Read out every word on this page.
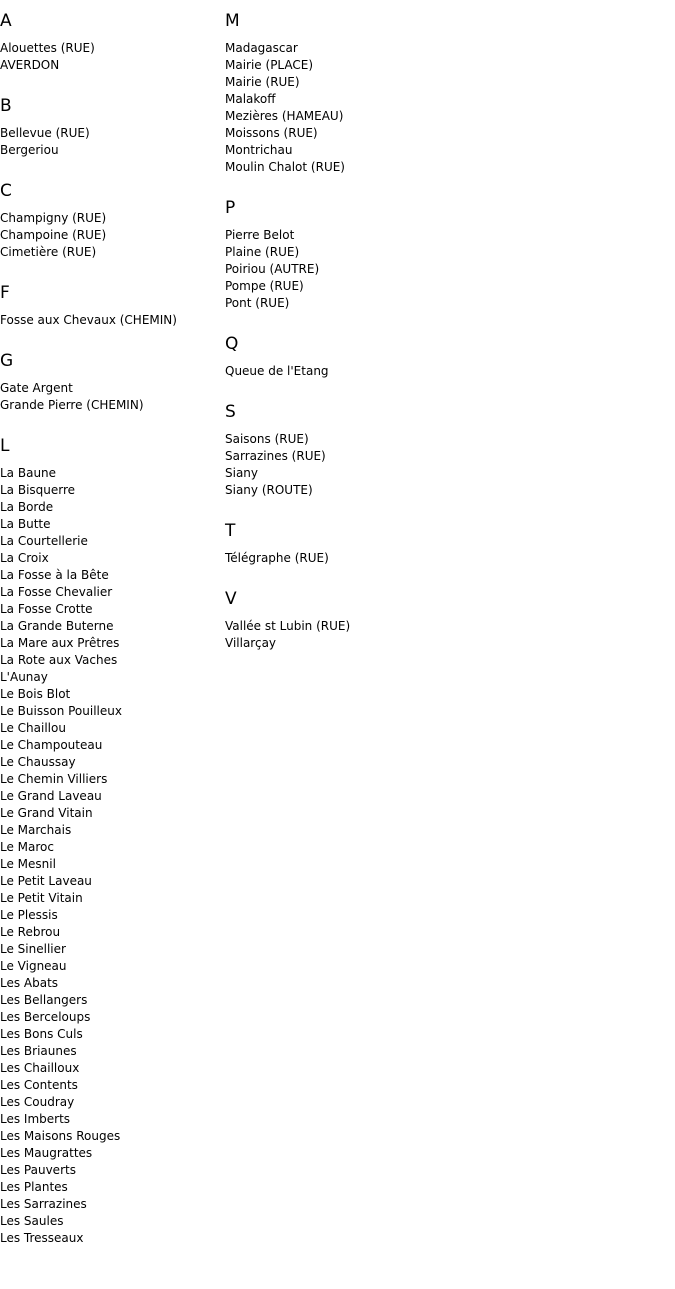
A
Alouettes (RUE)
AVERDON
B
Bellevue (RUE)
Bergeriou
C
Champigny (RUE)
Champoine (RUE)
Cimetière (RUE)
F
Fosse aux Chevaux (CHEMIN)
G
Gate Argent
Grande Pierre (CHEMIN)
L
La Baune
La Bisquerre
La Borde
La Butte
La Courtellerie
La Croix
La Fosse à la Bête
La Fosse Chevalier
La Fosse Crotte
La Grande Buterne
La Mare aux Prêtres
La Rote aux Vaches
L'Aunay
Le Bois Blot
Le Buisson Pouilleux
Le Chaillou
Le Champouteau
Le Chaussay
Le Chemin Villiers
Le Grand Laveau
Le Grand Vitain
Le Marchais
Le Maroc
Le Mesnil
Le Petit Laveau
Le Petit Vitain
Le Plessis
Le Rebrou
Le Sinellier
Le Vigneau
Les Abats
Les Bellangers
Les Berceloups
Les Bons Culs
Les Briaunes
Les Chailloux
Les Contents
Les Coudray
Les Imberts
Les Maisons Rouges
Les Maugrattes
Les Pauverts
Les Plantes
Les Sarrazines
Les Saules
Les Tresseaux
M
Madagascar
Mairie (PLACE)
Mairie (RUE)
Malakoff
Mezières (HAMEAU)
Moissons (RUE)
Montrichau
Moulin Chalot (RUE)
P
Pierre Belot
Plaine (RUE)
Poiriou (AUTRE)
Pompe (RUE)
Pont (RUE)
Q
Queue de l'Etang
S
Saisons (RUE)
Sarrazines (RUE)
Siany
Siany (ROUTE)
T
Télégraphe (RUE)
V
Vallée st Lubin (RUE)
Villarçay
